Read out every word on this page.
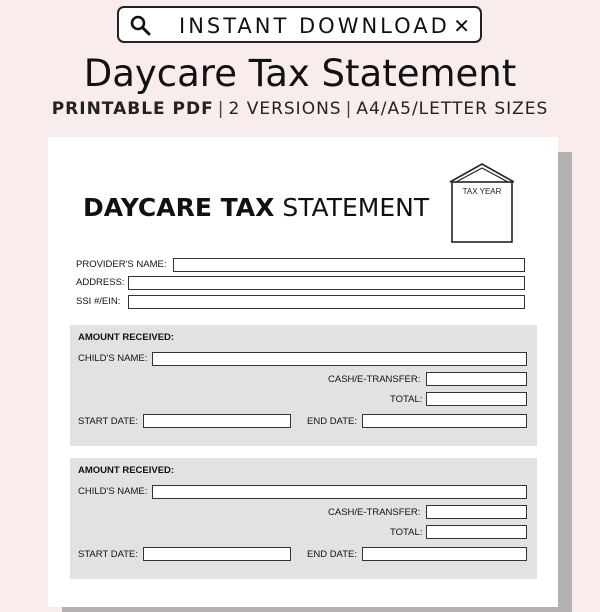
INSTANT DOWNLOAD ✕
Daycare Tax Statement
PRINTABLE PDF | 2 VERSIONS | A4/A5/LETTER SIZES
DAYCARE TAX STATEMENT
TAX YEAR
PROVIDER'S NAME:
ADDRESS:
SSI #/EIN:
AMOUNT RECEIVED:
CHILD'S NAME:
CASH/E-TRANSFER:
TOTAL:
START DATE:	END DATE:
AMOUNT RECEIVED:
CHILD'S NAME:
CASH/E-TRANSFER:
TOTAL:
START DATE:	END DATE:
